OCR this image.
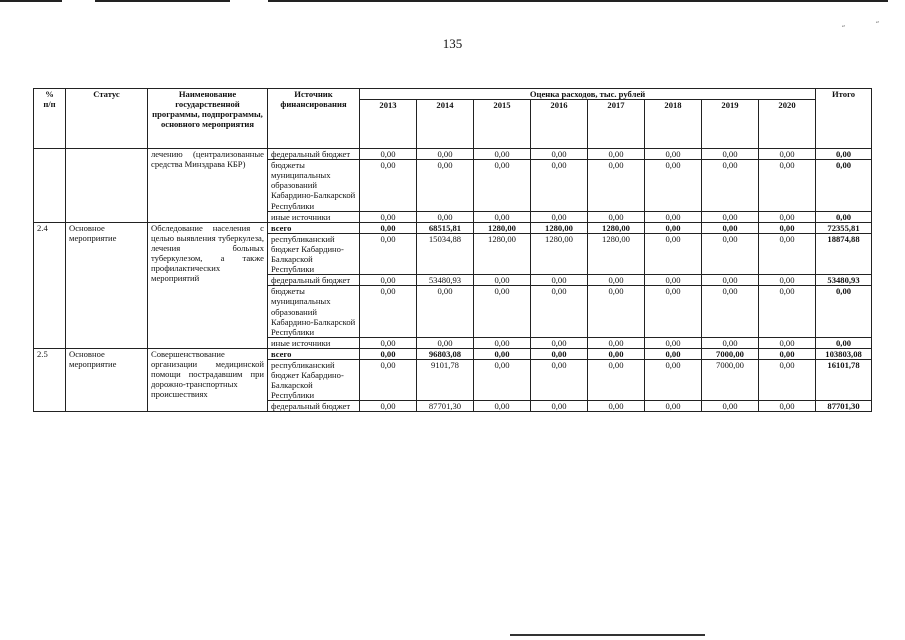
˝	˝
135
%
п/п	Статус	Наименование государственной программы, подпрограммы, основного мероприятия	Источник финансирования	Оценка расходов, тыс. рублей								Итого
				2013	2014	2015	2016	2017	2018	2019	2020	
		лечению (централизованные средства Минздрава КБР)	федеральный бюджет	0,00	0,00	0,00	0,00	0,00	0,00	0,00	0,00	0,00
			бюджеты муниципальных образований Кабардино-Балкарской Республики	0,00	0,00	0,00	0,00	0,00	0,00	0,00	0,00	0,00
			иные источники	0,00	0,00	0,00	0,00	0,00	0,00	0,00	0,00	0,00
2.4	Основное мероприятие	Обследование населения с целью выявления туберкулеза, лечения больных туберкулезом, а также профилактических мероприятий	всего	0,00	68515,81	1280,00	1280,00	1280,00	0,00	0,00	0,00	72355,81
			республиканский бюджет Кабардино-Балкарской Республики	0,00	15034,88	1280,00	1280,00	1280,00	0,00	0,00	0,00	18874,88
			федеральный бюджет	0,00	53480,93	0,00	0,00	0,00	0,00	0,00	0,00	53480,93
			бюджеты муниципальных образований Кабардино-Балкарской Республики	0,00	0,00	0,00	0,00	0,00	0,00	0,00	0,00	0,00
			иные источники	0,00	0,00	0,00	0,00	0,00	0,00	0,00	0,00	0,00
2.5	Основное мероприятие	Совершенствование организации медицинской помощи пострадавшим при дорожно-транспортных происшествиях	всего	0,00	96803,08	0,00	0,00	0,00	0,00	7000,00	0,00	103803,08
			республиканский бюджет Кабардино-Балкарской Республики	0,00	9101,78	0,00	0,00	0,00	0,00	7000,00	0,00	16101,78
			федеральный бюджет	0,00	87701,30	0,00	0,00	0,00	0,00	0,00	0,00	87701,30
